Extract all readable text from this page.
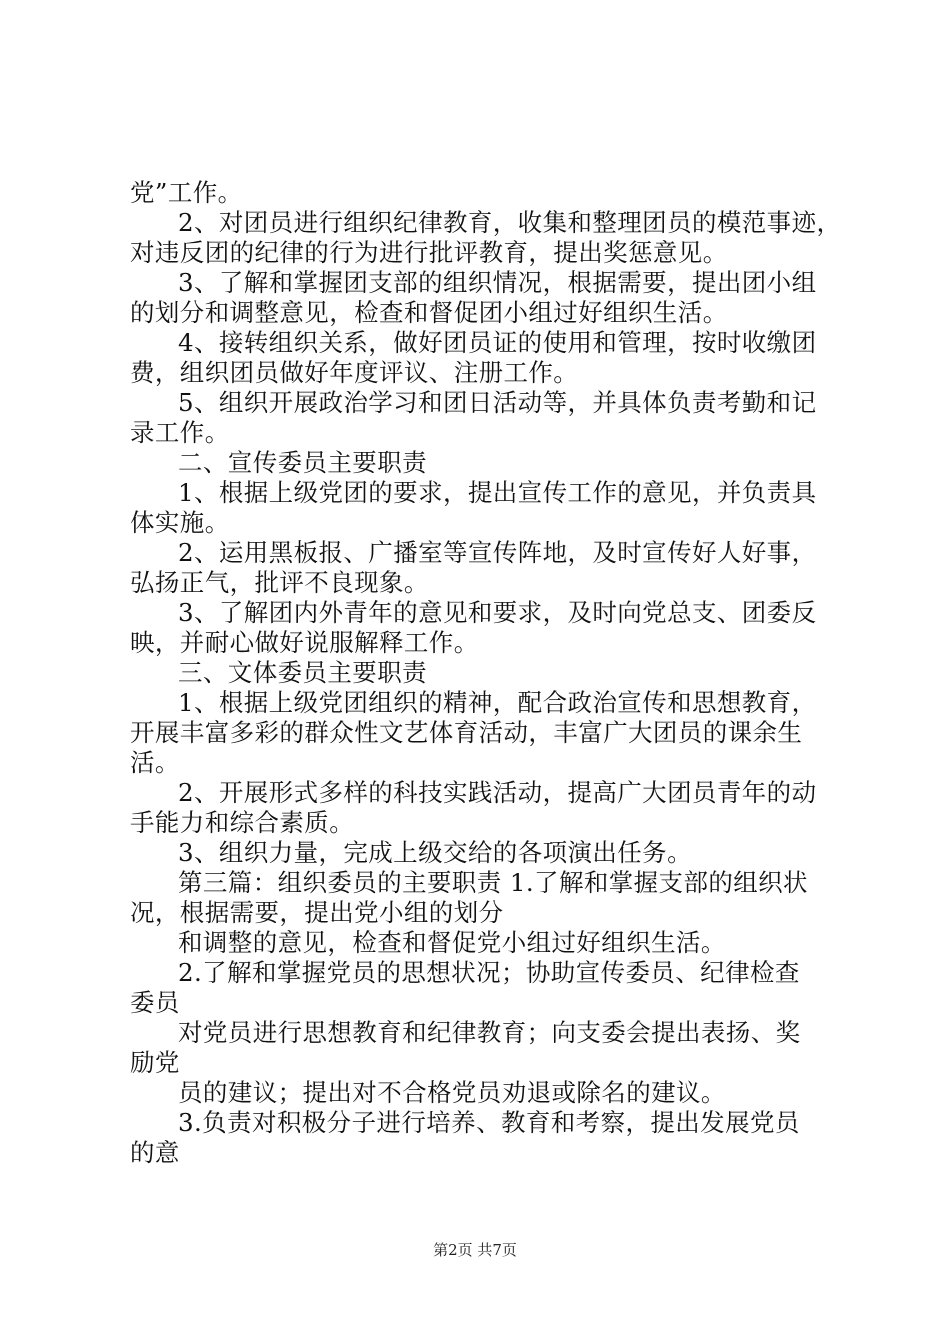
党”工作。
2、对团员进行组织纪律教育，收集和整理团员的模范事迹，
对违反团的纪律的行为进行批评教育，提出奖惩意见。
3、了解和掌握团支部的组织情况，根据需要，提出团小组
的划分和调整意见，检查和督促团小组过好组织生活。
4、接转组织关系，做好团员证的使用和管理，按时收缴团
费，组织团员做好年度评议、注册工作。
5、组织开展政治学习和团日活动等，并具体负责考勤和记
录工作。
二、宣传委员主要职责
1、根据上级党团的要求，提出宣传工作的意见，并负责具
体实施。
2、运用黑板报、广播室等宣传阵地，及时宣传好人好事，
弘扬正气，批评不良现象。
3、了解团内外青年的意见和要求，及时向党总支、团委反
映，并耐心做好说服解释工作。
三、文体委员主要职责
1、根据上级党团组织的精神，配合政治宣传和思想教育，
开展丰富多彩的群众性文艺体育活动，丰富广大团员的课余生
活。
2、开展形式多样的科技实践活动，提高广大团员青年的动
手能力和综合素质。
3、组织力量，完成上级交给的各项演出任务。
第三篇：组织委员的主要职责 1.了解和掌握支部的组织状
况，根据需要，提出党小组的划分
和调整的意见，检查和督促党小组过好组织生活。
2.了解和掌握党员的思想状况；协助宣传委员、纪律检查
委员
对党员进行思想教育和纪律教育；向支委会提出表扬、奖
励党
员的建议；提出对不合格党员劝退或除名的建议。
3.负责对积极分子进行培养、教育和考察，提出发展党员
的意
第2页 共7页
